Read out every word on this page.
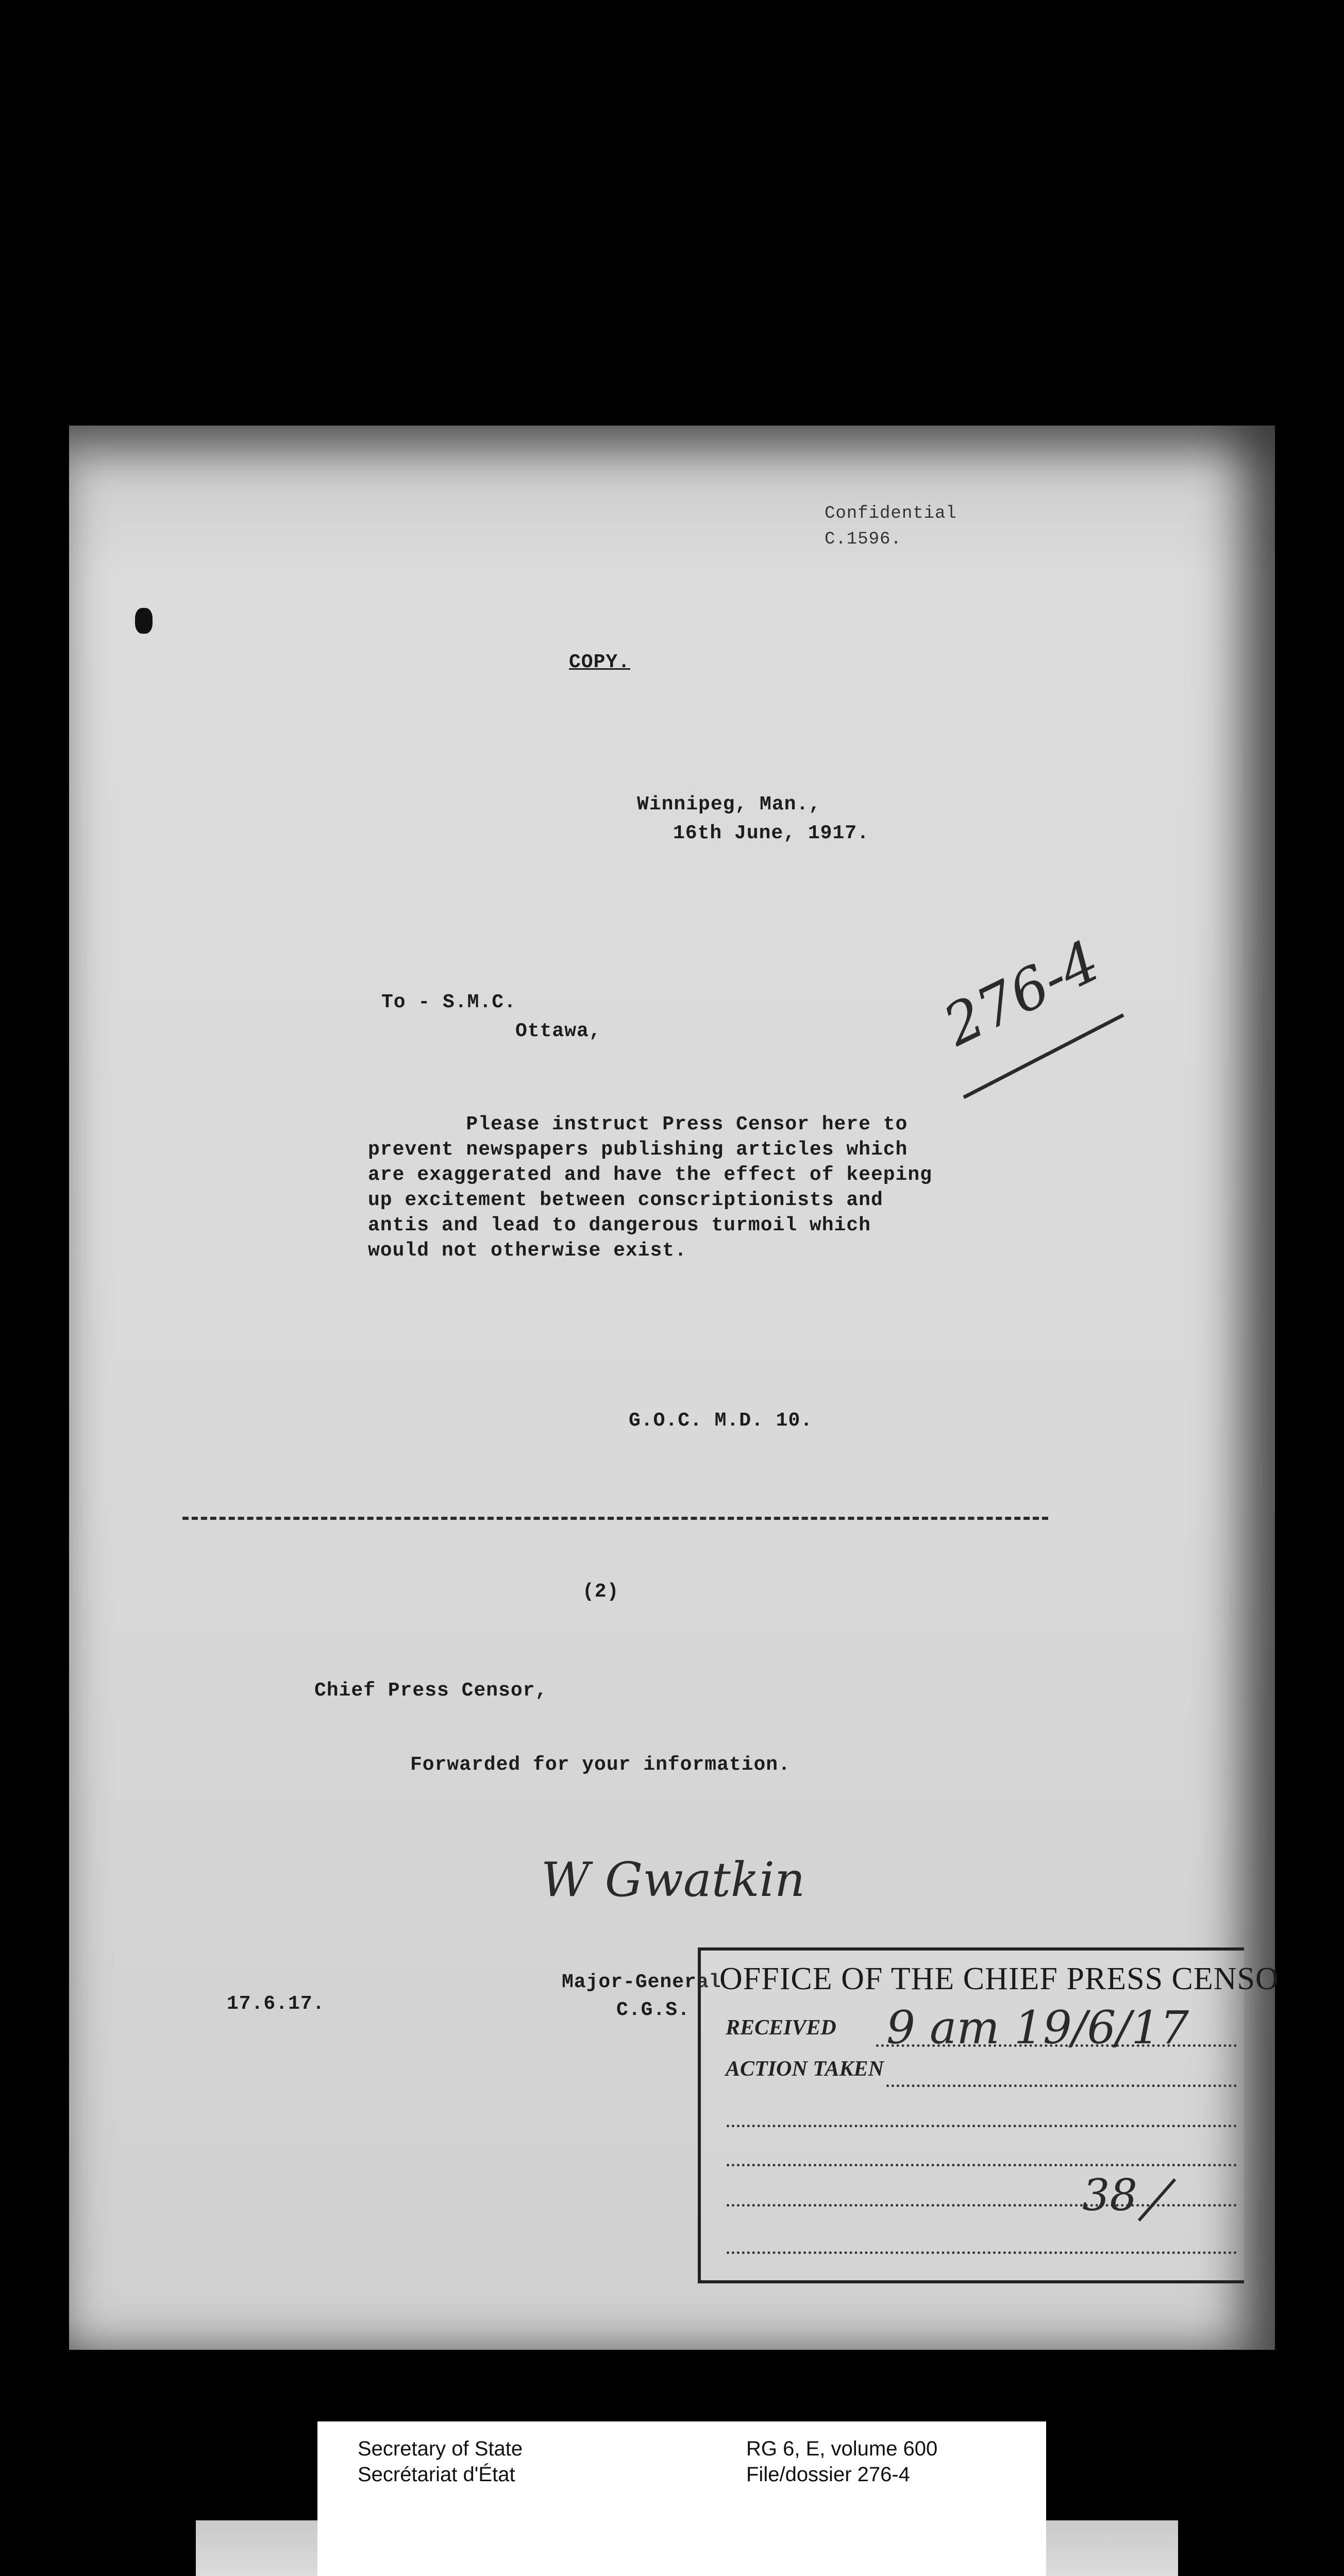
Confidential
C.1596.
COPY.
Winnipeg, Man.,
16th June, 1917.
To - S.M.C.
Ottawa,	276-4
Please instruct Press Censor here to
prevent newspapers publishing articles which
are exaggerated and have the effect of keeping
up excitement between conscriptionists and
antis and lead to dangerous turmoil which
would not otherwise exist.
G.O.C. M.D. 10.
(2)
Chief Press Censor,
Forwarded for your information.
W Gwatkin
Major-General
C.G.S.
17.6.17.
OFFICE OF THE CHIEF PRESS CENSO
RECEIVED 9 am 19/6/17
ACTION TAKEN
38
Secretary of State
Secrétariat d'État
RG 6, E, volume 600
File/dossier 276-4
